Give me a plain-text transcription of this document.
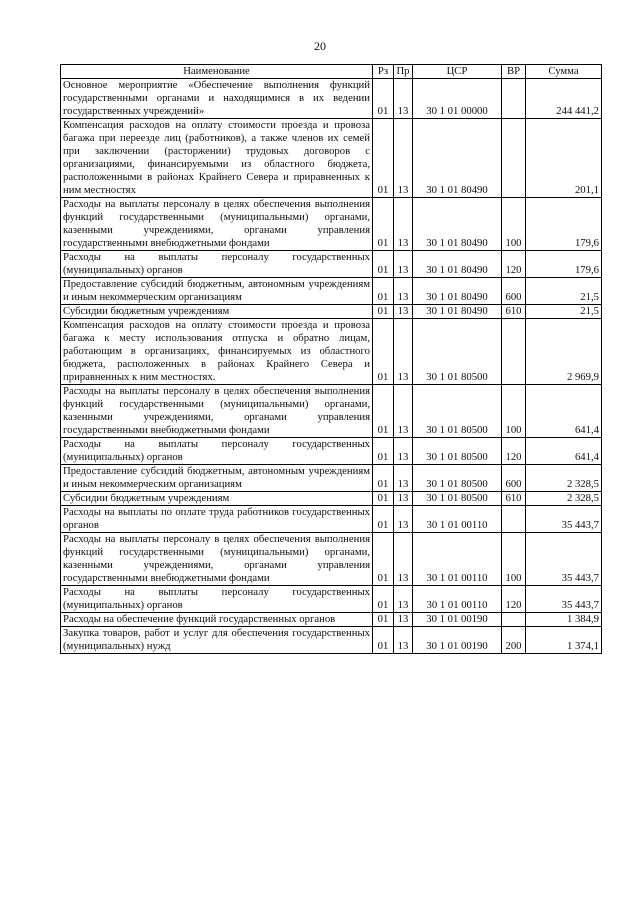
20
Наименование	Рз	Пр	ЦСР	ВР	Сумма
Основное мероприятие «Обеспечение выполнения функций государственными органами и находящимися в их ведении государственных учреждений»	01	13	30 1 01 00000		244 441,2
Компенсация расходов на оплату стоимости проезда и провоза багажа при переезде лиц (работников), а также членов их семей при заключении (расторжении) трудовых договоров с организациями, финансируемыми из областного бюджета, расположенными в районах Крайнего Севера и приравненных к ним местностях	01	13	30 1 01 80490		201,1
Расходы на выплаты персоналу в целях обеспечения выполнения функций государственными (муниципальными) органами, казенными учреждениями, органами управления государственными внебюджетными фондами	01	13	30 1 01 80490	100	179,6
Расходы на выплаты персоналу государственных (муниципальных) органов	01	13	30 1 01 80490	120	179,6
Предоставление субсидий бюджетным, автономным учреждениям и иным некоммерческим организациям	01	13	30 1 01 80490	600	21,5
Субсидии бюджетным учреждениям	01	13	30 1 01 80490	610	21,5
Компенсация расходов на оплату стоимости проезда и провоза багажа к месту использования отпуска и обратно лицам, работающим в организациях, финансируемых из областного бюджета, расположенных в районах Крайнего Севера и приравненных к ним местностях.	01	13	30 1 01 80500		2 969,9
Расходы на выплаты персоналу в целях обеспечения выполнения функций государственными (муниципальными) органами, казенными учреждениями, органами управления государственными внебюджетными фондами	01	13	30 1 01 80500	100	641,4
Расходы на выплаты персоналу государственных (муниципальных) органов	01	13	30 1 01 80500	120	641,4
Предоставление субсидий бюджетным, автономным учреждениям и иным некоммерческим организациям	01	13	30 1 01 80500	600	2 328,5
Субсидии бюджетным учреждениям	01	13	30 1 01 80500	610	2 328,5
Расходы на выплаты по оплате труда работников государственных органов	01	13	30 1 01 00110		35 443,7
Расходы на выплаты персоналу в целях обеспечения выполнения функций государственными (муниципальными) органами, казенными учреждениями, органами управления государственными внебюджетными фондами	01	13	30 1 01 00110	100	35 443,7
Расходы на выплаты персоналу государственных (муниципальных) органов	01	13	30 1 01 00110	120	35 443,7
Расходы на обеспечение функций государственных органов	01	13	30 1 01 00190		1 384,9
Закупка товаров, работ и услуг для обеспечения государственных (муниципальных) нужд	01	13	30 1 01 00190	200	1 374,1
